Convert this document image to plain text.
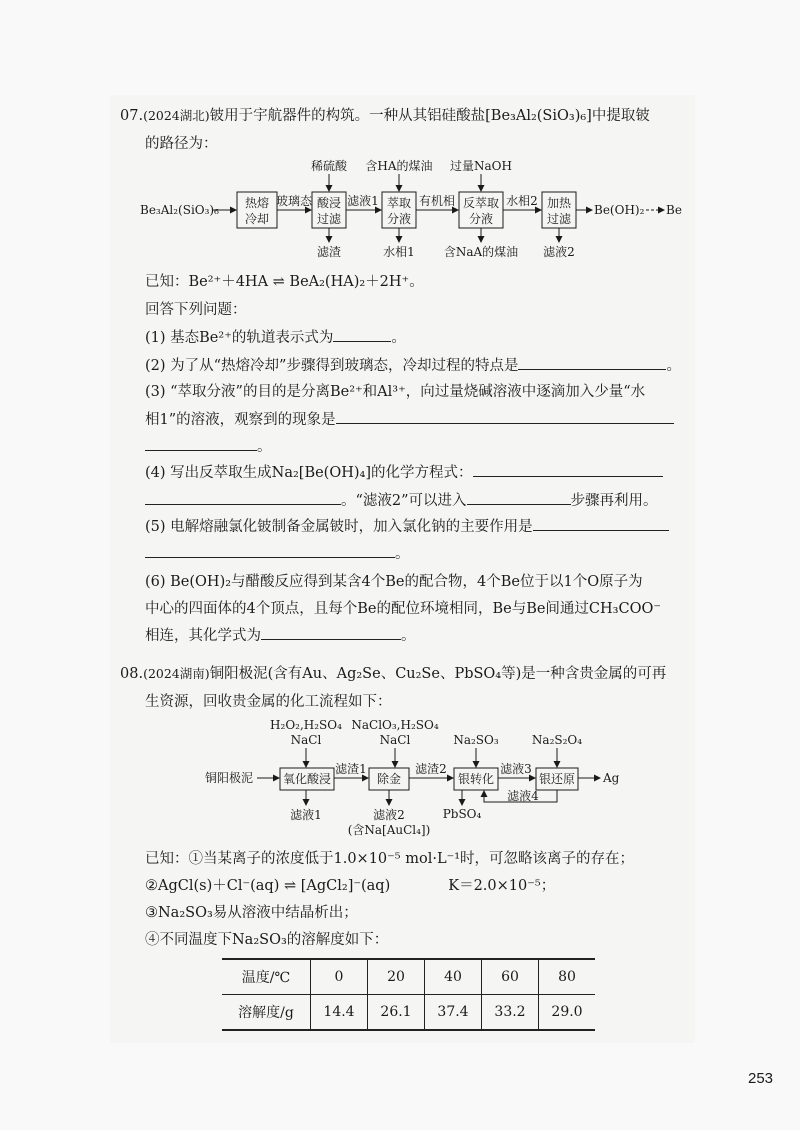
07.(2024湖北)铍用于宇航器件的构筑。一种从其铝硅酸盐[Be₃Al₂(SiO₃)₆]中提取铍
的路径为：
Be₃Al₂(SiO₃)₆ 热熔
冷却
玻璃态 酸浸
过滤
稀硫酸
滤渣
滤液1 萃取
分液
含HA的煤油
水相1
有机相 反萃取
分液
过量NaOH
含NaA的煤油
水相2 加热
过滤
滤液2
Be(OH)₂ Be
已知：Be²⁺＋4HA ⇌ BeA₂(HA)₂＋2H⁺。
回答下列问题：
(1) 基态Be²⁺的轨道表示式为	。
(2) 为了从“热熔冷却”步骤得到玻璃态，冷却过程的特点是	。
(3) “萃取分液”的目的是分离Be²⁺和Al³⁺，向过量烧碱溶液中逐滴加入少量“水
相1”的溶液，观察到的现象是
。
(4) 写出反萃取生成Na₂[Be(OH)₄]的化学方程式：
。“滤液2”可以进入	步骤再利用。
(5) 电解熔融氯化铍制备金属铍时，加入氯化钠的主要作用是
。
(6) Be(OH)₂与醋酸反应得到某含4个Be的配合物，4个Be位于以1个O原子为
中心的四面体的4个顶点，且每个Be的配位环境相同，Be与Be间通过CH₃COO⁻
相连，其化学式为	。
08.(2024湖南)铜阳极泥(含有Au、Ag₂Se、Cu₂Se、PbSO₄等)是一种含贵金属的可再
生资源，回收贵金属的化工流程如下：
铜阳极泥
H₂O₂,H₂SO₄
NaCl
氧化酸浸
滤液1
滤渣1
NaClO₃,H₂SO₄
NaCl
除金
滤液2
(含Na[AuCl₄])
滤渣2
Na₂SO₃
银转化
PbSO₄
滤液3
Na₂S₂O₄
银还原
滤液4
Ag
已知：①当某离子的浓度低于1.0×10⁻⁵ mol·L⁻¹时，可忽略该离子的存在；
②AgCl(s)＋Cl⁻(aq) ⇌ [AgCl₂]⁻(aq)	K＝2.0×10⁻⁵；
③Na₂SO₃易从溶液中结晶析出；
④不同温度下Na₂SO₃的溶解度如下：
温度/℃	0	20	40	60	80
溶解度/g	14.4	26.1	37.4	33.2	29.0
253
